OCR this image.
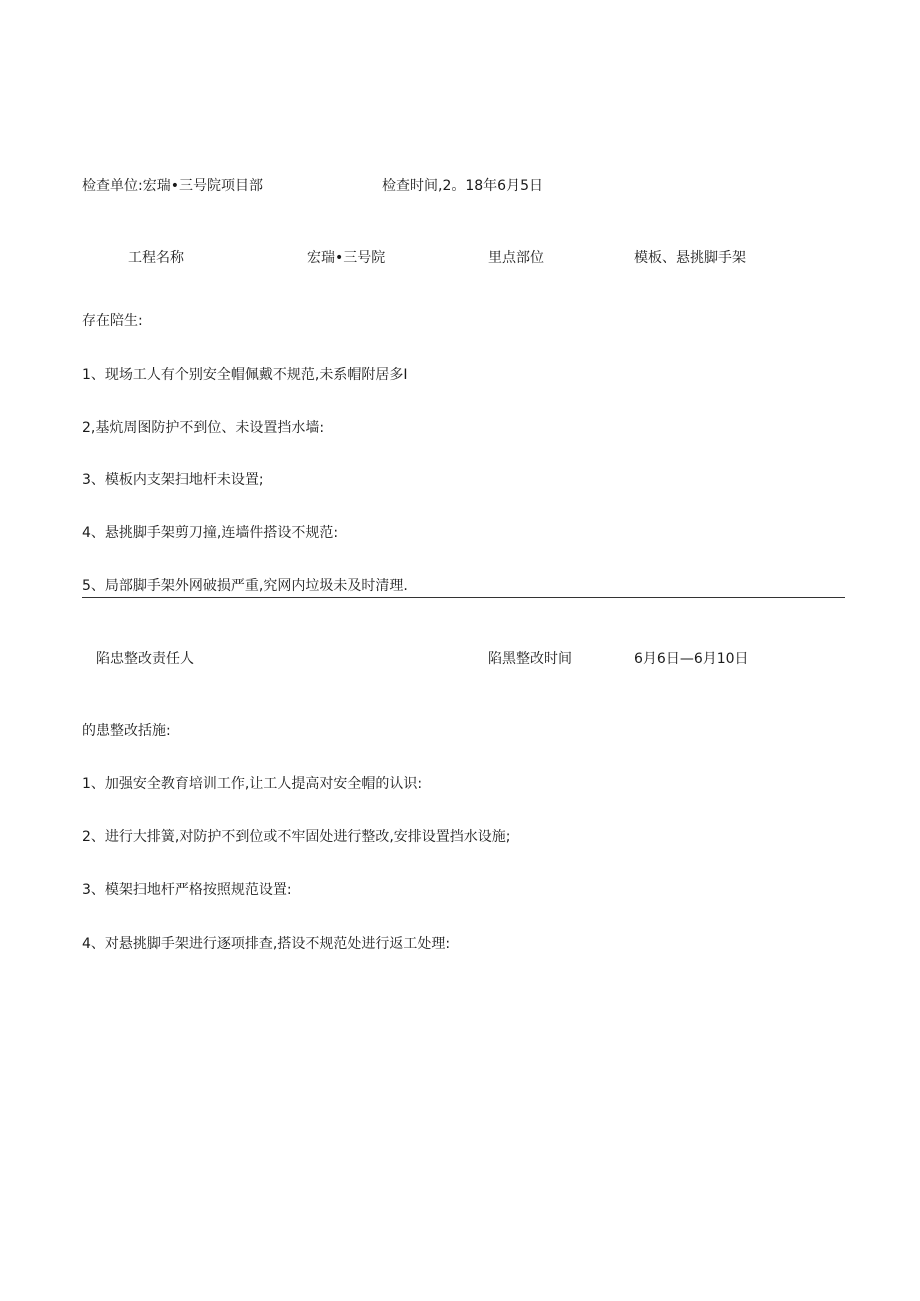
检查单位:宏瑞•三号院项目部	检查时间,2。18年6月5日
工程名称	宏瑞•三号院	里点部位	模板、悬挑脚手架
存在陪生:
1、现场工人有个别安全帽佩戴不规范,未系帽附居多I
2,基炕周图防护不到位、未设置挡水墙:
3、模板内支架扫地杆未设置;
4、悬挑脚手架剪刀撞,连墙件搭设不规范:
5、局部脚手架外网破损严重,究网内垃圾未及时清理.
陷忠整改责任人	陷黑整改时间	6月6日—6月10日
的患整改括施:
1、加强安全教育培训工作,让工人提高对安全帽的认识:
2、进行大排簧,对防护不到位或不牢固处进行整改,安排设置挡水设施;
3、模架扫地杆严格按照规范设置:
4、对悬挑脚手架进行逐项排查,搭设不规范处进行返工处理:
